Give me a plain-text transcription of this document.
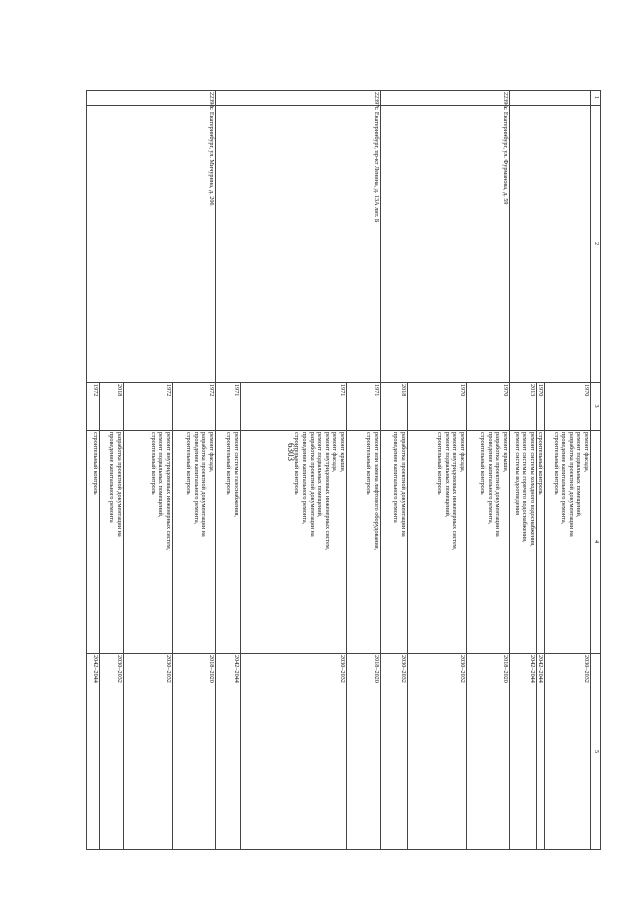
6303
1
2
3
4
5
1970
ремонт фасада,
ремонт подвальных помещений,
разработка проектной документации на
проведение капитального ремонта,
строительный контроль
2030–2032
1970
строительный контроль
2042–2044
2013
ремонт системы холодного водоснабжения,
ремонт системы горячего водоснабжения,
ремонт системы водоотведения
2042–2044
22396.
г. Екатеринбург, ул. Фурманова, д. 59
1970
ремонт крыши,
разработка проектной документации на
проведение капитального ремонта,
строительный контроль
2018–2020
1970
ремонт фасада,
ремонт внутридомовых инженерных систем,
ремонт подвальных помещений,
строительный контроль
2030–2032
2018
разработка проектной документации на
проведение капитального ремонта
2030–2032
22397.
г. Екатеринбург, пр-кт Ленина, д. 13А лит. Б
1971
ремонт или замена лифтового оборудования,
строительный контроль
2018–2020
1971
ремонт крыши,
ремонт фасада,
ремонт внутридомовых инженерных систем,
ремонт подвальных помещений,
разработка проектной документации на
проведение капитального ремонта,
строительный контроль
2030–2032
1971
ремонт системы газоснабжения,
строительный контроль
2042–2044
22398.
г. Екатеринбург, ул. Мичурина, д. 206
1972
ремонт фасада,
разработка проектной документации на
проведение капитального ремонта,
строительный контроль
2018–2020
1972
ремонт внутридомовых инженерных систем,
ремонт подвальных помещений,
строительный контроль
2030–2032
2018
разработка проектной документации на
проведение капитального ремонта
2030–2032
1972
строительный контроль
2042–2044
